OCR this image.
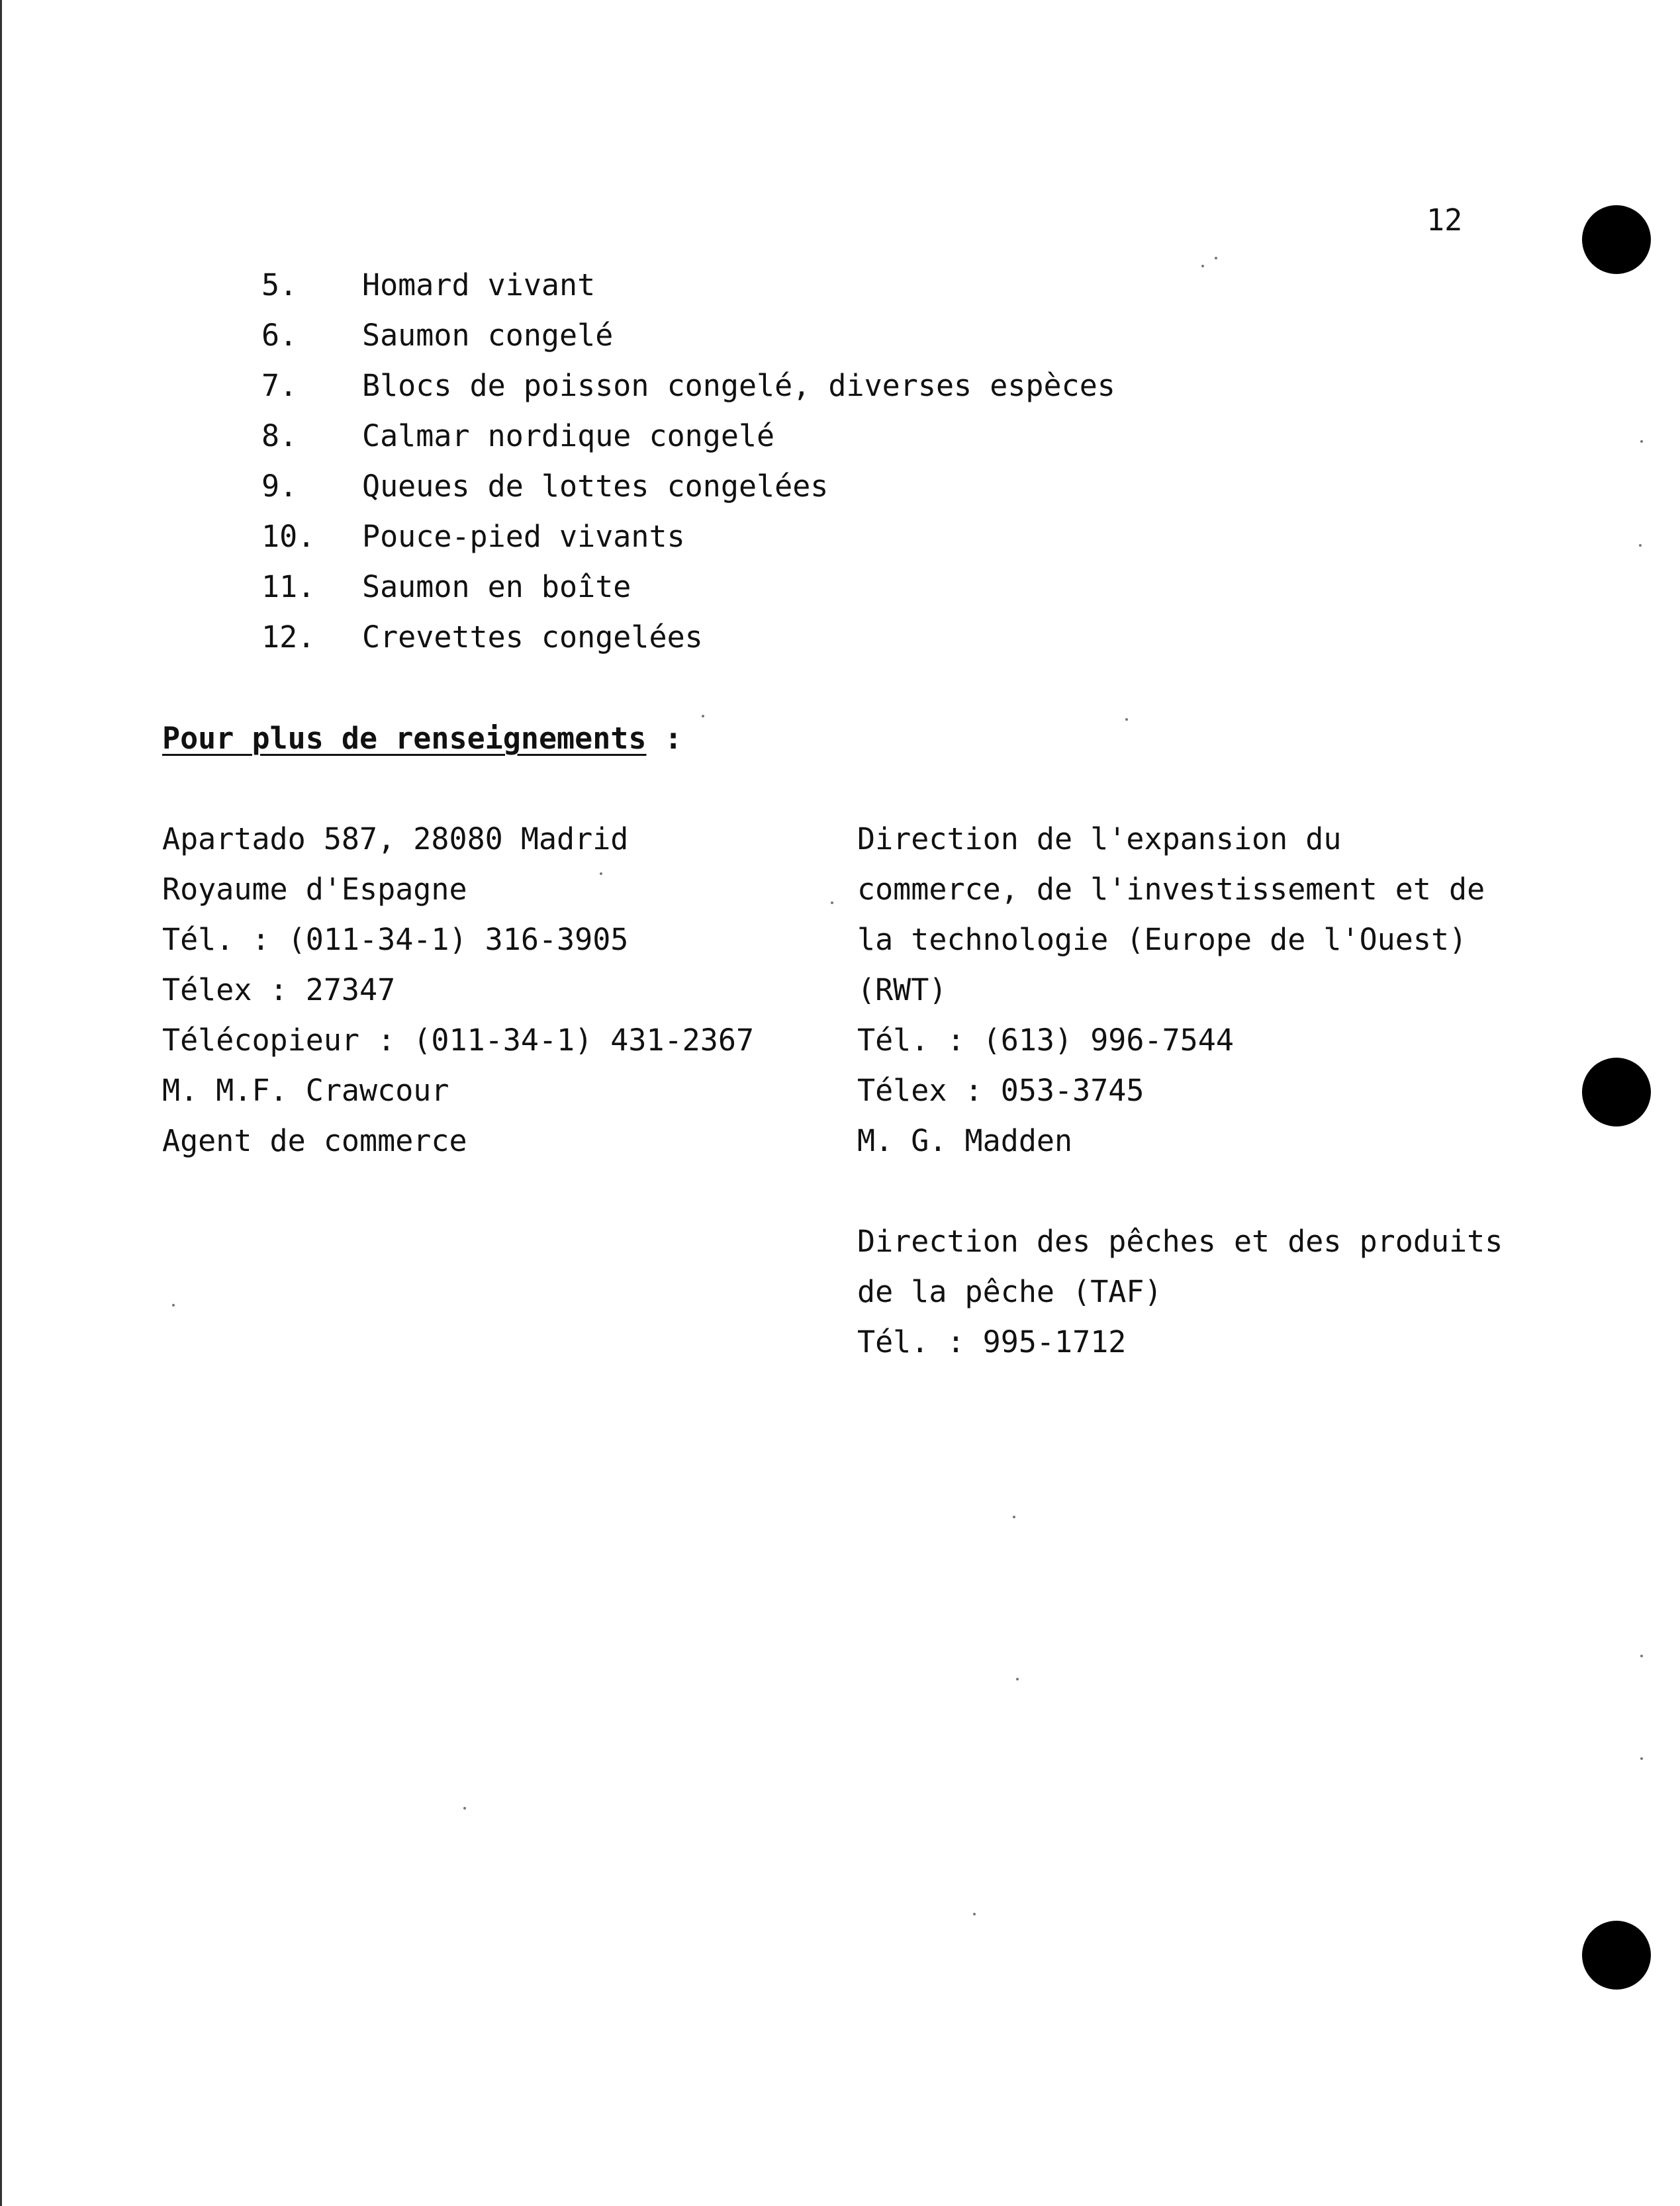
12
5. Homard vivant
6. Saumon congelé
7. Blocs de poisson congelé, diverses espèces
8. Calmar nordique congelé
9. Queues de lottes congelées
10. Pouce-pied vivants
11. Saumon en boîte
12. Crevettes congelées
Pour plus de renseignements :
Apartado 587, 28080 Madrid
Royaume d'Espagne
Tél. : (011-34-1) 316-3905
Télex : 27347
Télécopieur : (011-34-1) 431-2367
M. M.F. Crawcour
Agent de commerce
Direction de l'expansion du
commerce, de l'investissement et de
la technologie (Europe de l'Ouest)
(RWT)
Tél. : (613) 996-7544
Télex : 053-3745
M. G. Madden
Direction des pêches et des produits
de la pêche (TAF)
Tél. : 995-1712
